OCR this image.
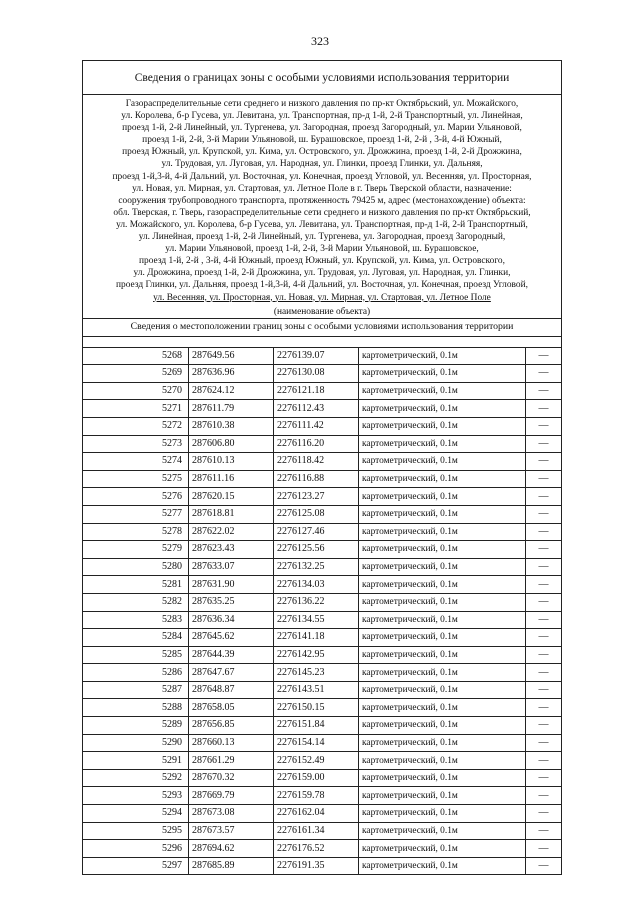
323
Сведения о границах зоны с особыми условиями использования территории
Газораспределительные сети среднего и низкого давления по пр-кт Октябрьский, ул. Можайского,
ул. Королева, б-р Гусева, ул. Левитана, ул. Транспортная, пр-д 1-й, 2-й Транспортный, ул. Линейная,
проезд 1-й, 2-й Линейный, ул. Тургенева, ул. Загородная, проезд Загородный, ул. Марии Ульяновой,
проезд 1-й, 2-й, 3-й Марии Ульяновой, ш. Бурашовское, проезд 1-й, 2-й , 3-й, 4-й Южный,
проезд Южный, ул. Крупской, ул. Кима, ул. Островского, ул. Дрожжина, проезд 1-й, 2-й Дрожжина,
ул. Трудовая, ул. Луговая, ул. Народная, ул. Глинки, проезд Глинки, ул. Дальняя,
проезд 1-й,3-й, 4-й Дальний, ул. Восточная, ул. Конечная, проезд Угловой, ул. Весенняя, ул. Просторная,
ул. Новая, ул. Мирная, ул. Стартовая, ул. Летное Поле в г. Тверь Тверской области, назначение:
сооружения трубопроводного транспорта, протяженность 79425 м, адрес (местонахождение) объекта:
обл. Тверская, г. Тверь, газораспределительные сети среднего и низкого давления по пр-кт Октябрьский,
ул. Можайского, ул. Королева, б-р Гусева, ул. Левитана, ул. Транспортная, пр-д 1-й, 2-й Транспортный,
ул. Линейная, проезд 1-й, 2-й Линейный, ул. Тургенева, ул. Загородная, проезд Загородный,
ул. Марии Ульяновой, проезд 1-й, 2-й, 3-й Марии Ульяновой, ш. Бурашовское,
проезд 1-й, 2-й , 3-й, 4-й Южный, проезд Южный, ул. Крупской, ул. Кима, ул. Островского,
ул. Дрожжина, проезд 1-й, 2-й Дрожжина, ул. Трудовая, ул. Луговая, ул. Народная, ул. Глинки,
проезд Глинки, ул. Дальняя, проезд 1-й,3-й, 4-й Дальний, ул. Восточная, ул. Конечная, проезд Угловой,
ул. Весенняя, ул. Просторная, ул. Новая, ул. Мирная, ул. Стартовая, ул. Летное Поле
(наименование объекта)
Сведения о местоположении границ зоны с особыми условиями использования территории
5268	287649.56	2276139.07	картометрический, 0.1м	—
5269	287636.96	2276130.08	картометрический, 0.1м	—
5270	287624.12	2276121.18	картометрический, 0.1м	—
5271	287611.79	2276112.43	картометрический, 0.1м	—
5272	287610.38	2276111.42	картометрический, 0.1м	—
5273	287606.80	2276116.20	картометрический, 0.1м	—
5274	287610.13	2276118.42	картометрический, 0.1м	—
5275	287611.16	2276116.88	картометрический, 0.1м	—
5276	287620.15	2276123.27	картометрический, 0.1м	—
5277	287618.81	2276125.08	картометрический, 0.1м	—
5278	287622.02	2276127.46	картометрический, 0.1м	—
5279	287623.43	2276125.56	картометрический, 0.1м	—
5280	287633.07	2276132.25	картометрический, 0.1м	—
5281	287631.90	2276134.03	картометрический, 0.1м	—
5282	287635.25	2276136.22	картометрический, 0.1м	—
5283	287636.34	2276134.55	картометрический, 0.1м	—
5284	287645.62	2276141.18	картометрический, 0.1м	—
5285	287644.39	2276142.95	картометрический, 0.1м	—
5286	287647.67	2276145.23	картометрический, 0.1м	—
5287	287648.87	2276143.51	картометрический, 0.1м	—
5288	287658.05	2276150.15	картометрический, 0.1м	—
5289	287656.85	2276151.84	картометрический, 0.1м	—
5290	287660.13	2276154.14	картометрический, 0.1м	—
5291	287661.29	2276152.49	картометрический, 0.1м	—
5292	287670.32	2276159.00	картометрический, 0.1м	—
5293	287669.79	2276159.78	картометрический, 0.1м	—
5294	287673.08	2276162.04	картометрический, 0.1м	—
5295	287673.57	2276161.34	картометрический, 0.1м	—
5296	287694.62	2276176.52	картометрический, 0.1м	—
5297	287685.89	2276191.35	картометрический, 0.1м	—
